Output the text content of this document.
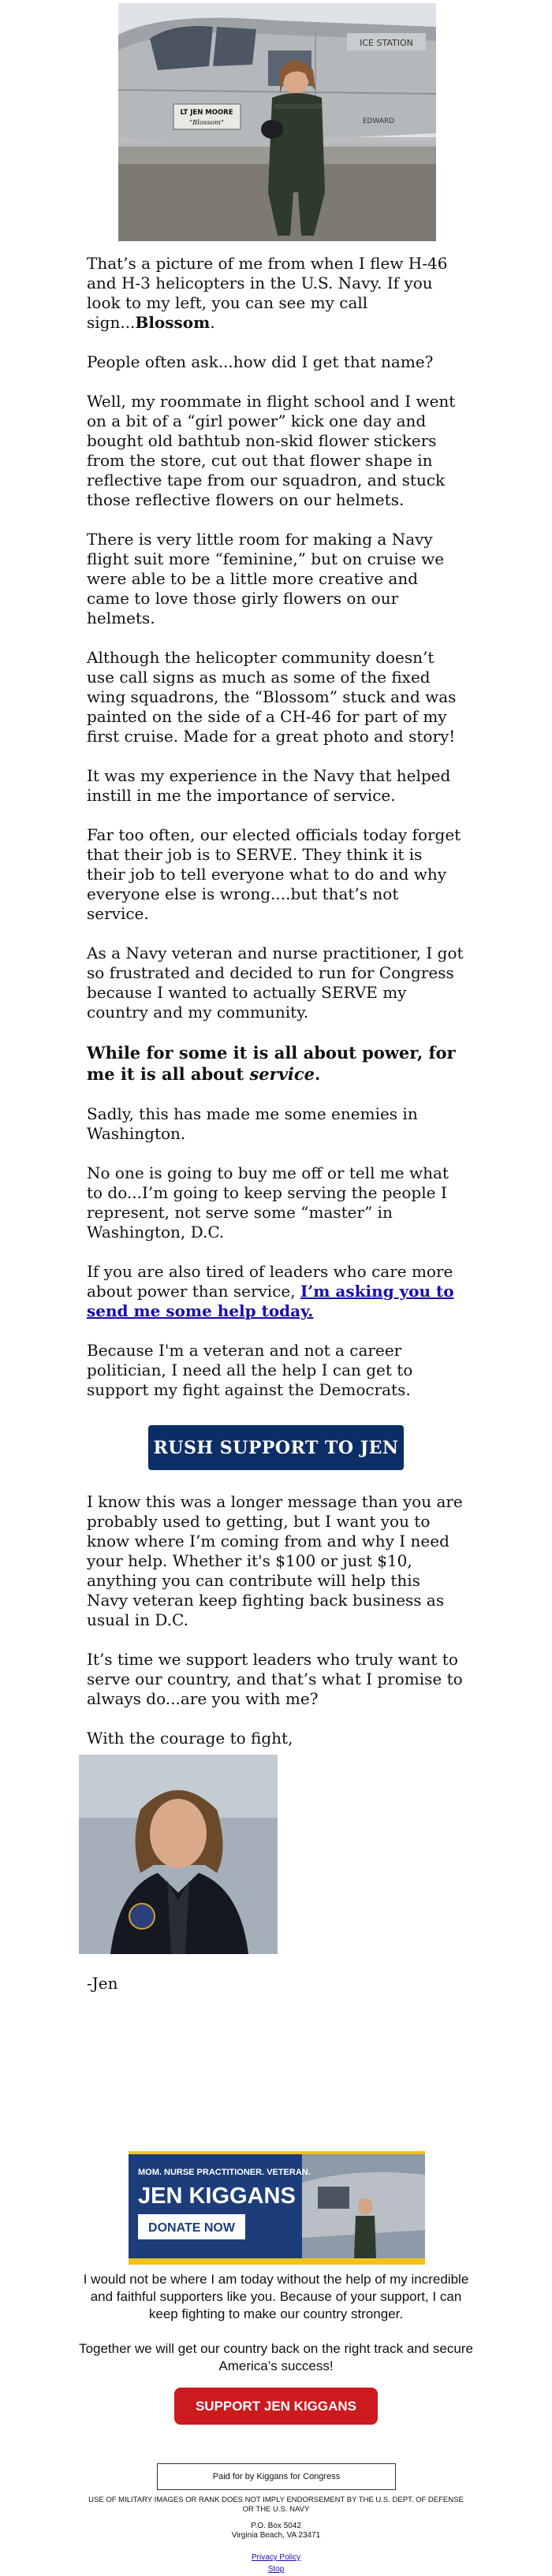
ICE STATION
LT JEN MOORE
"Blossom"	EDWARD

That’s a picture of me from when I flew H-46 and H-3 helicopters in the U.S. Navy. If you look to my left, you can see my call sign...Blossom.

People often ask...how did I get that name?

Well, my roommate in flight school and I went on a bit of a “girl power” kick one day and bought old bathtub non-skid flower stickers from the store, cut out that flower shape in reflective tape from our squadron, and stuck those reflective flowers on our helmets.

There is very little room for making a Navy flight suit more “feminine,” but on cruise we were able to be a little more creative and came to love those girly flowers on our helmets.

Although the helicopter community doesn’t use call signs as much as some of the fixed wing squadrons, the “Blossom” stuck and was painted on the side of a CH-46 for part of my first cruise. Made for a great photo and story!

It was my experience in the Navy that helped instill in me the importance of service.

Far too often, our elected officials today forget that their job is to SERVE. They think it is their job to tell everyone what to do and why everyone else is wrong....but that’s not service.

As a Navy veteran and nurse practitioner, I got so frustrated and decided to run for Congress because I wanted to actually SERVE my country and my community.

While for some it is all about power, for me it is all about service.

Sadly, this has made me some enemies in Washington.

No one is going to buy me off or tell me what to do...I’m going to keep serving the people I represent, not serve some “master” in Washington, D.C.

If you are also tired of leaders who care more about power than service, I’m asking you to send me some help today.

Because I'm a veteran and not a career politician, I need all the help I can get to support my fight against the Democrats.

RUSH SUPPORT TO JEN

I know this was a longer message than you are probably used to getting, but I want you to know where I’m coming from and why I need your help. Whether it's $100 or just $10, anything you can contribute will help this Navy veteran keep fighting back business as usual in D.C.

It’s time we support leaders who truly want to serve our country, and that’s what I promise to always do...are you with me?

With the courage to fight,

-Jen
MOM. NURSE PRACTITIONER. VETERAN.
JEN KIGGANS
DONATE NOW

I would not be where I am today without the help of my incredible and faithful supporters like you. Because of your support, I can keep fighting to make our country stronger.

Together we will get our country back on the right track and secure America’s success!

SUPPORT JEN KIGGANS
Paid for by Kiggans for Congress
USE OF MILITARY IMAGES OR RANK DOES NOT IMPLY ENDORSEMENT BY THE U.S. DEPT. OF DEFENSE OR THE U.S. NAVY
P.O. Box 5042
Virginia Beach, VA 23471
Privacy Policy
Stop
